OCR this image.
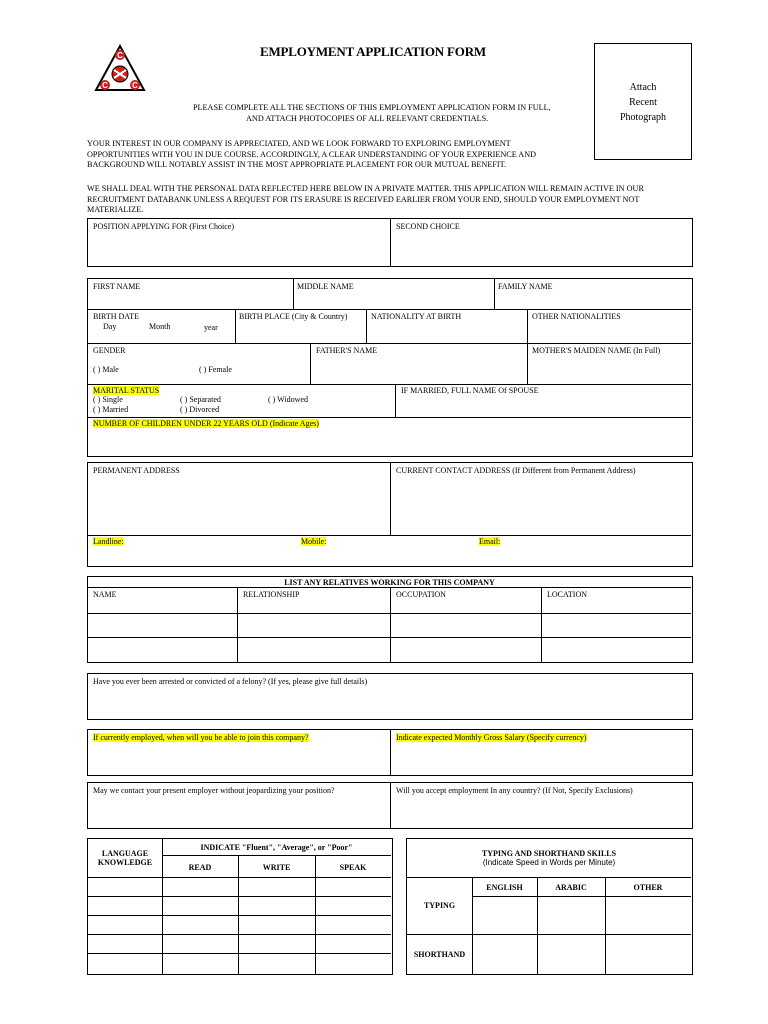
C
C	C
EMPLOYMENT APPLICATION FORM
Attach
Recent
Photograph
PLEASE COMPLETE ALL THE SECTIONS OF THIS EMPLOYMENT APPLICATION FORM IN FULL,
AND ATTACH PHOTOCOPIES OF ALL RELEVANT CREDENTIALS.
YOUR INTEREST IN OUR COMPANY IS APPRECIATED, AND WE LOOK FORWARD TO EXPLORING EMPLOYMENT
OPPORTUNITIES WITH YOU IN DUE COURSE. ACCORDINGLY, A CLEAR UNDERSTANDING OF YOUR EXPERIENCE AND
BACKGROUND WILL NOTABLY ASSIST IN THE MOST APPROPRIATE PLACEMENT FOR OUR MUTUAL BENEFIT.
WE SHALL DEAL WITH THE PERSONAL DATA REFLECTED HERE BELOW IN A PRIVATE MATTER. THIS APPLICATION WILL REMAIN ACTIVE IN OUR
RECRUITMENT DATABANK UNLESS A REQUEST FOR ITS ERASURE IS RECEIVED EARLIER FROM YOUR END, SHOULD YOUR EMPLOYMENT NOT
MATERIALIZE.
POSITION APPLYING FOR (First Choice)	SECOND CHOICE
FIRST NAME	MIDDLE NAME	FAMILY NAME
BIRTH DATE
Day	Month	year
BIRTH PLACE (City & Country)	NATIONALITY AT BIRTH	OTHER NATIONALITIES
GENDER
( ) Male	( ) Female
FATHER'S NAME	MOTHER'S MAIDEN NAME (In Full)
MARITAL STATUS
( ) Single	( ) Separated	( ) Widowed
( ) Married	( ) Divorced
IF MARRIED, FULL NAME Of SPOUSE
NUMBER OF CHILDREN UNDER 22 YEARS OLD (Indicate Ages)
PERMANENT ADDRESS	CURRENT CONTACT ADDRESS (If Different from Permanent Address)
Landline:	Mobile:	Email:
LIST ANY RELATIVES WORKING FOR THIS COMPANY
NAME	RELATIONSHIP	OCCUPATION	LOCATION
Have you ever been arrested or convicted of a felony? (If yes, please give full details)
If currently employed, when will you be able to join this company?	Indicate expected Monthly Gross Salary (Specify currency)
May we contact your present employer without jeopardizing your position?	Will you accept employment In any country? (If Not, Specify Exclusions)
LANGUAGE
KNOWLEDGE
INDICATE "Fluent", "Average", or "Poor"
READ	WRITE	SPEAK
TYPING AND SHORTHAND SKILLS
(Indicate Speed in Words per Minute)
ENGLISH	ARABIC	OTHER
TYPING
SHORTHAND
